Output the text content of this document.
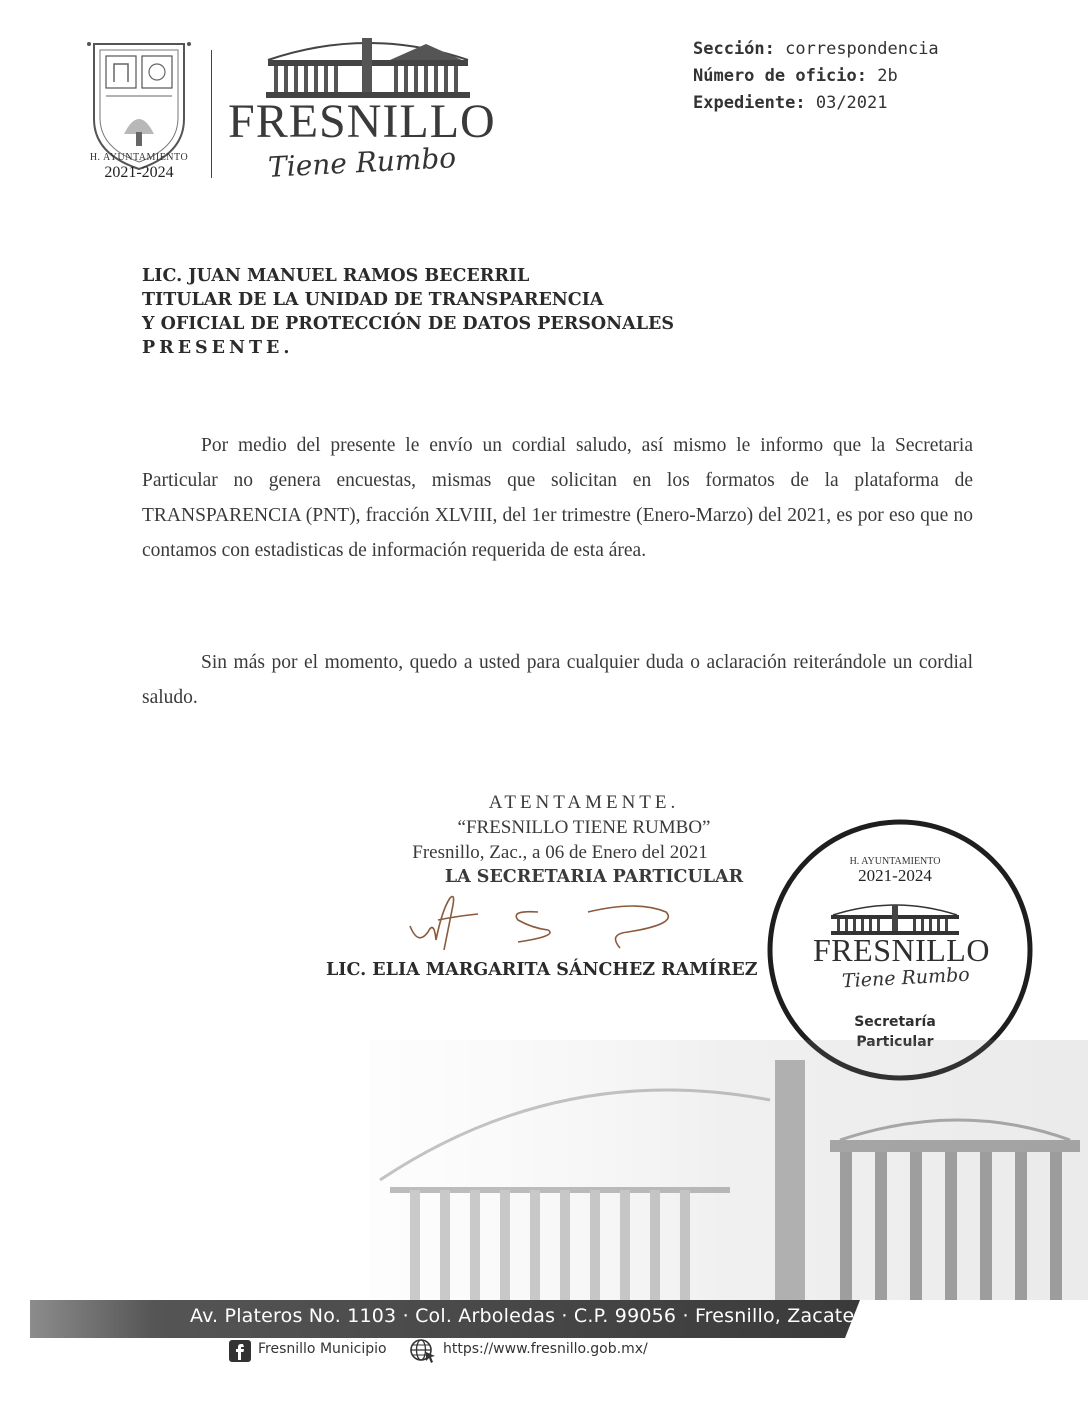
H. AYUNTAMIENTO
2021-2024
FRESNILLO
Tiene Rumbo
Sección: correspondencia
Número de oficio: 2b
Expediente: 03/2021
LIC. JUAN MANUEL RAMOS BECERRIL
TITULAR DE LA UNIDAD DE TRANSPARENCIA
Y OFICIAL DE PROTECCIÓN DE DATOS PERSONALES
PRESENTE.
Por medio del presente le envío un cordial saludo, así mismo le informo que la Secretaria Particular no genera encuestas, mismas que solicitan en los formatos de la plataforma de TRANSPARENCIA (PNT), fracción XLVIII, del 1er trimestre (Enero-Marzo) del 2021, es por eso que no contamos con estadisticas de información requerida de esta área.
Sin más por el momento, quedo a usted para cualquier duda o aclaración reiterándole un cordial saludo.
ATENTAMENTE.
“FRESNILLO TIENE RUMBO”
Fresnillo, Zac., a 06 de Enero del 2021
LA SECRETARIA PARTICULAR
LIC. ELIA MARGARITA SÁNCHEZ RAMÍREZ
H. AYUNTAMIENTO
2021-2024
FRESNILLO
Tiene Rumbo
Secretaría
Particular
Av. Plateros No. 1103 · Col. Arboledas · C.P. 99056 · Fresnillo, Zacatecas.
Fresnillo Municipio	https://www.fresnillo.gob.mx/
